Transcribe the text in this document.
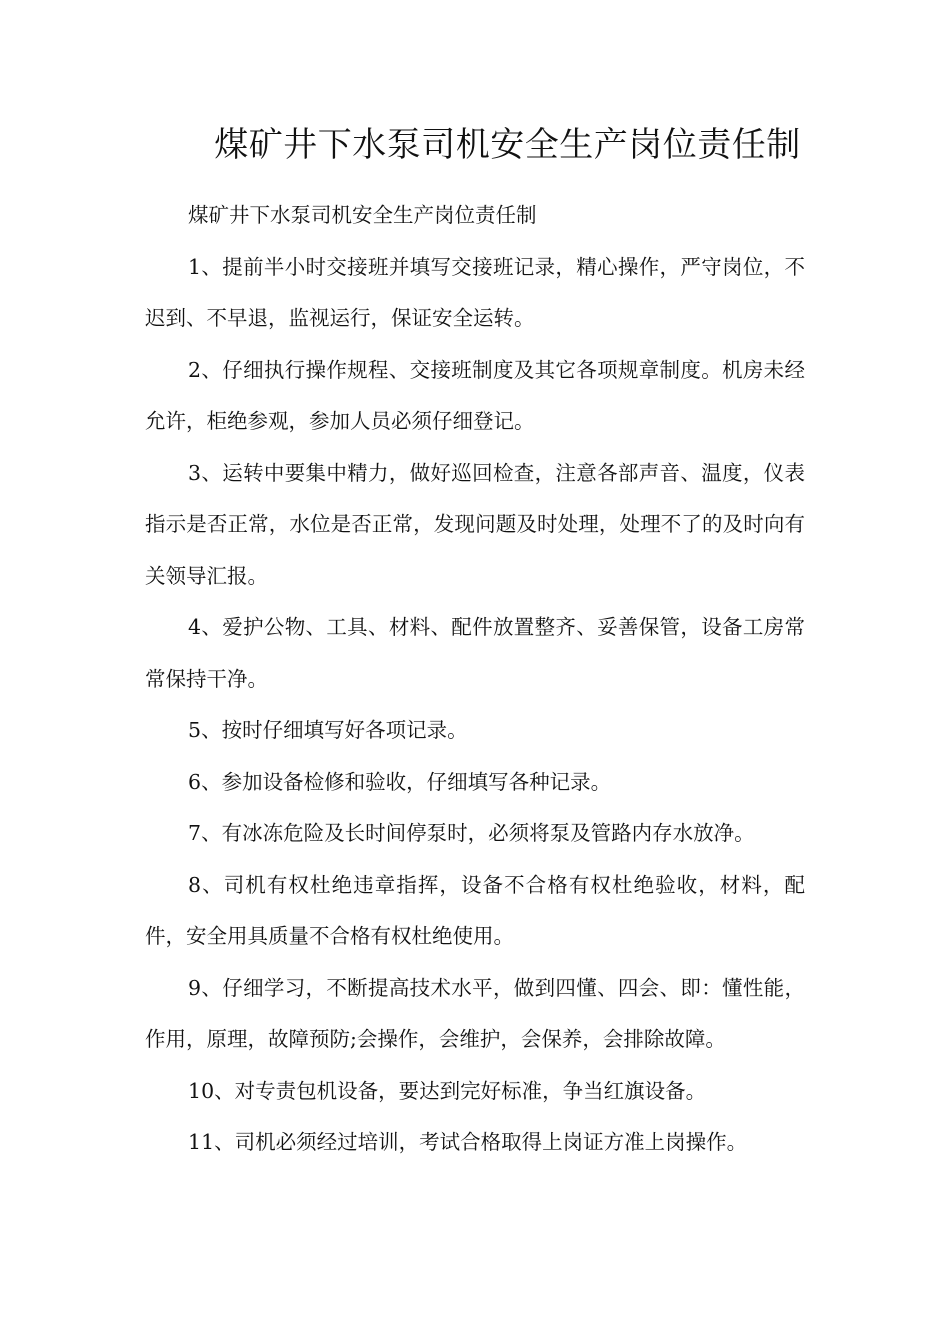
煤矿井下水泵司机安全生产岗位责任制

煤矿井下水泵司机安全生产岗位责任制

1、提前半小时交接班并填写交接班记录，精心操作，严守岗位，不迟到、不早退，监视运行，保证安全运转。

2、仔细执行操作规程、交接班制度及其它各项规章制度。机房未经允许，柜绝参观，参加人员必须仔细登记。

3、运转中要集中精力，做好巡回检查，注意各部声音、温度，仪表指示是否正常，水位是否正常，发现问题及时处理，处理不了的及时向有关领导汇报。

4、爱护公物、工具、材料、配件放置整齐、妥善保管，设备工房常常保持干净。

5、按时仔细填写好各项记录。

6、参加设备检修和验收，仔细填写各种记录。

7、有冰冻危险及长时间停泵时，必须将泵及管路内存水放净。

8、司机有权杜绝违章指挥，设备不合格有权杜绝验收，材料，配件，安全用具质量不合格有权杜绝使用。

9、仔细学习，不断提高技术水平，做到四懂、四会、即：懂性能，作用，原理，故障预防;会操作，会维护，会保养，会排除故障。

10、对专责包机设备，要达到完好标准，争当红旗设备。

11、司机必须经过培训，考试合格取得上岗证方准上岗操作。
